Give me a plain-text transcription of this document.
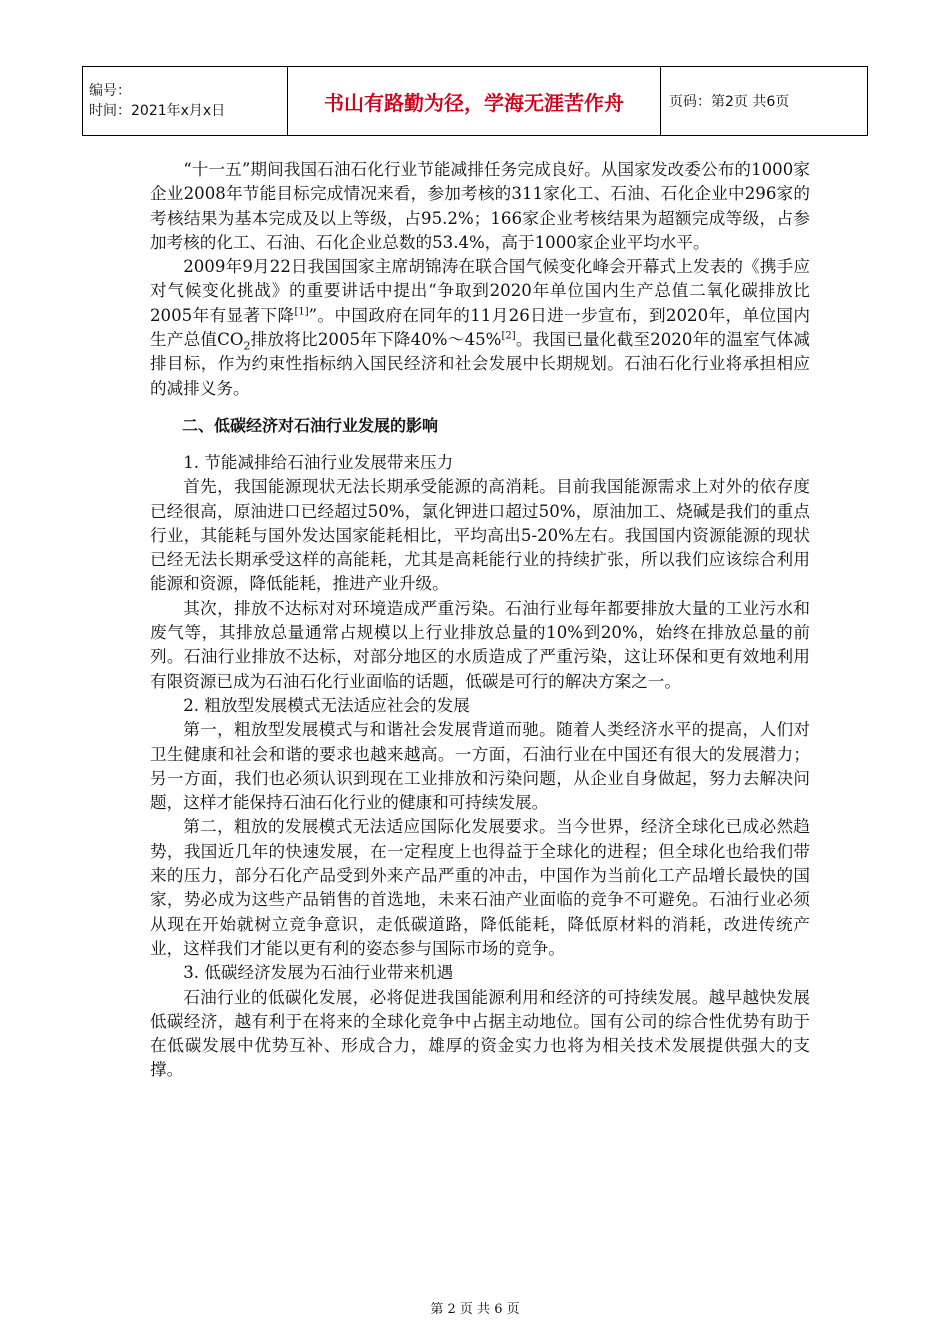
编号：
时间：2021年x月x日	书山有路勤为径，学海无涯苦作舟	页码：第2页 共6页

“十一五”期间我国石油石化行业节能减排任务完成良好。从国家发改委公布的1000家企业2008年节能目标完成情况来看，参加考核的311家化工、石油、石化企业中296家的考核结果为基本完成及以上等级，占95.2%；166家企业考核结果为超额完成等级，占参加考核的化工、石油、石化企业总数的53.4%，高于1000家企业平均水平。

2009年9月22日我国国家主席胡锦涛在联合国气候变化峰会开幕式上发表的《携手应对气候变化挑战》的重要讲话中提出“争取到2020年单位国内生产总值二氧化碳排放比2005年有显著下降[1]”。中国政府在同年的11月26日进一步宣布，到2020年，单位国内生产总值$CO_2$排放将比2005年下降40%～45%[2]。我国已量化截至2020年的温室气体减排目标，作为约束性指标纳入国民经济和社会发展中长期规划。石油石化行业将承担相应的减排义务。

二、低碳经济对石油行业发展的影响

1. 节能减排给石油行业发展带来压力

首先，我国能源现状无法长期承受能源的高消耗。目前我国能源需求上对外的依存度已经很高，原油进口已经超过50%，氯化钾进口超过50%，原油加工、烧碱是我们的重点行业，其能耗与国外发达国家能耗相比，平均高出5-20%左右。我国国内资源能源的现状已经无法长期承受这样的高能耗，尤其是高耗能行业的持续扩张，所以我们应该综合利用能源和资源，降低能耗，推进产业升级。

其次，排放不达标对对环境造成严重污染。石油行业每年都要排放大量的工业污水和废气等，其排放总量通常占规模以上行业排放总量的10%到20%，始终在排放总量的前列。石油行业排放不达标，对部分地区的水质造成了严重污染，这让环保和更有效地利用有限资源已成为石油石化行业面临的话题，低碳是可行的解决方案之一。

2. 粗放型发展模式无法适应社会的发展

第一，粗放型发展模式与和谐社会发展背道而驰。随着人类经济水平的提高，人们对卫生健康和社会和谐的要求也越来越高。一方面，石油行业在中国还有很大的发展潜力；另一方面，我们也必须认识到现在工业排放和污染问题，从企业自身做起，努力去解决问题，这样才能保持石油石化行业的健康和可持续发展。

第二，粗放的发展模式无法适应国际化发展要求。当今世界，经济全球化已成必然趋势，我国近几年的快速发展，在一定程度上也得益于全球化的进程；但全球化也给我们带来的压力，部分石化产品受到外来产品严重的冲击，中国作为当前化工产品增长最快的国家，势必成为这些产品销售的首选地，未来石油产业面临的竞争不可避免。石油行业必须从现在开始就树立竞争意识，走低碳道路，降低能耗，降低原材料的消耗，改进传统产业，这样我们才能以更有利的姿态参与国际市场的竞争。

3. 低碳经济发展为石油行业带来机遇

石油行业的低碳化发展，必将促进我国能源利用和经济的可持续发展。越早越快发展低碳经济，越有利于在将来的全球化竞争中占据主动地位。国有公司的综合性优势有助于在低碳发展中优势互补、形成合力，雄厚的资金实力也将为相关技术发展提供强大的支撑。

第 2 页 共 6 页
